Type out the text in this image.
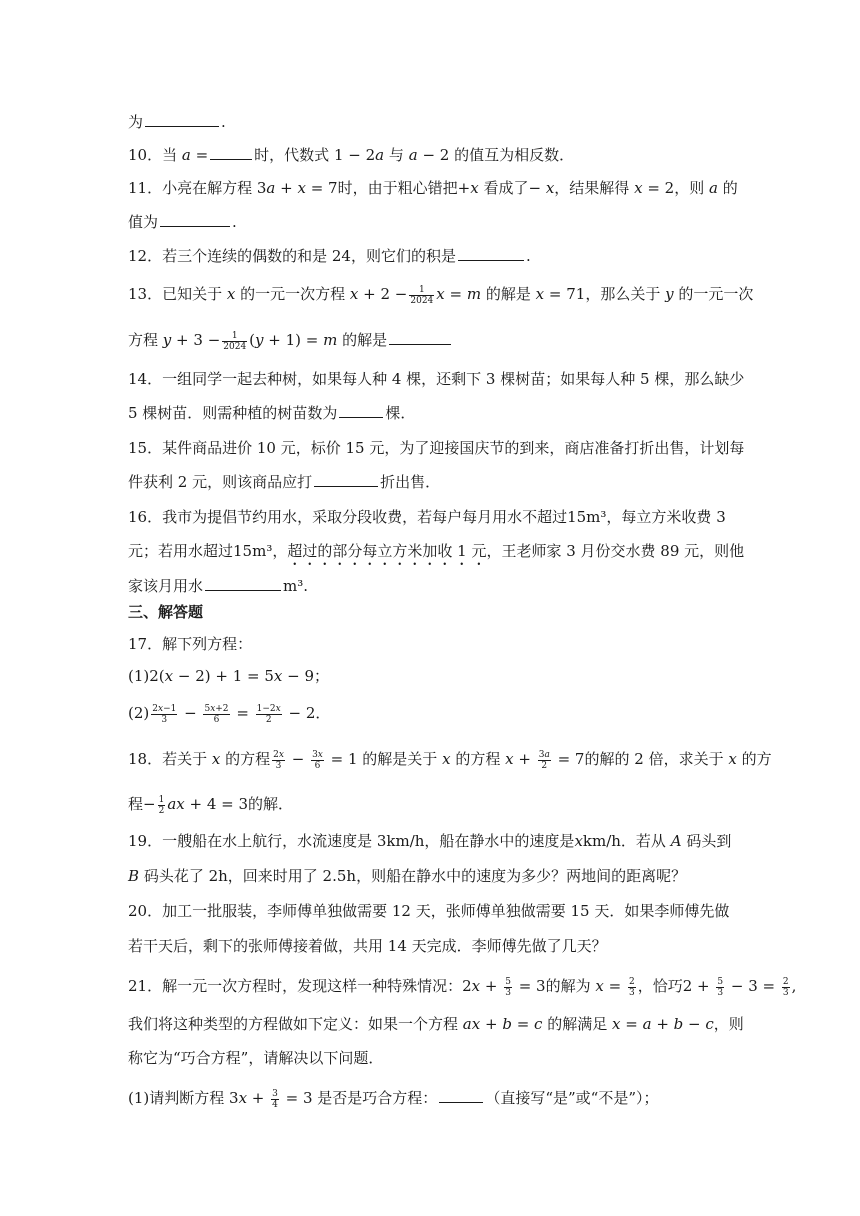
为	.
10．当 a =	时，代数式 1 − 2a 与 a − 2 的值互为相反数．
11．小亮在解方程 3a + x = 7时，由于粗心错把+x 看成了− x，结果解得 x = 2，则 a 的
值为	.
12．若三个连续的偶数的和是 24，则它们的积是	.
13．已知关于 x 的一元一次方程 $x + 2 - \frac{1}{2024}$ x = m 的解是 x = 71，那么关于 y 的一元一次
方程 $y + 3 - \frac{1}{2024} (y + 1) = m$ 的解是
14．一组同学一起去种树，如果每人种 4 棵，还剩下 3 棵树苗；如果每人种 5 棵，那么缺少
5 棵树苗．则需种植的树苗数为	棵．
15．某件商品进价 10 元，标价 15 元，为了迎接国庆节的到来，商店准备打折出售，计划每
件获利 2 元，则该商品应打	折出售．
16．我市为提倡节约用水，采取分段收费，若每户每月用水不超过15m³，每立方米收费 3
元；若用水超过15m³，超过的部分每立方米加收 1 元，王老师家 3 月份交水费 89 元，则他
家该月用水	m³.
三、解答题
17．解下列方程：
(1)2(x − 2) + 1 = 5x − 9；
$(2) \frac{2x-1}{3} - \frac{5x+2}{6} = \frac{1-2x}{2} - 2$．
18．若关于 x 的方程 $\frac{2x}{3} - \frac{3x}{6} = 1$ 的解是关于 x 的方程 $x + \frac{3a}{2} = 7$的解的 2 倍，求关于 x 的方
程− $\frac{1}{2}$ ax + 4 = 3的解．
19．一艘船在水上航行，水流速度是 3km/h，船在静水中的速度是xkm/h．若从 A 码头到
B 码头花了 2h，回来时用了 2.5h，则船在静水中的速度为多少？两地间的距离呢？
20．加工一批服装，李师傅单独做需要 12 天，张师傅单独做需要 15 天．如果李师傅先做
若干天后，剩下的张师傅接着做，共用 14 天完成．李师傅先做了几天？
21．解一元一次方程时，发现这样一种特殊情况：$2x + \frac{5}{3} = 3$的解为 $x = \frac{2}{3}$ ，恰巧$2 + \frac{5}{3} - 3 = \frac{2}{3}$ ,
我们将这种类型的方程做如下定义：如果一个方程 ax + b = c 的解满足 x = a + b − c，则
称它为“巧合方程”，请解决以下问题．
(1)请判断方程 $3x + \frac{3}{4} = 3$ 是否是巧合方程：	（直接写“是”或“不是”）；
